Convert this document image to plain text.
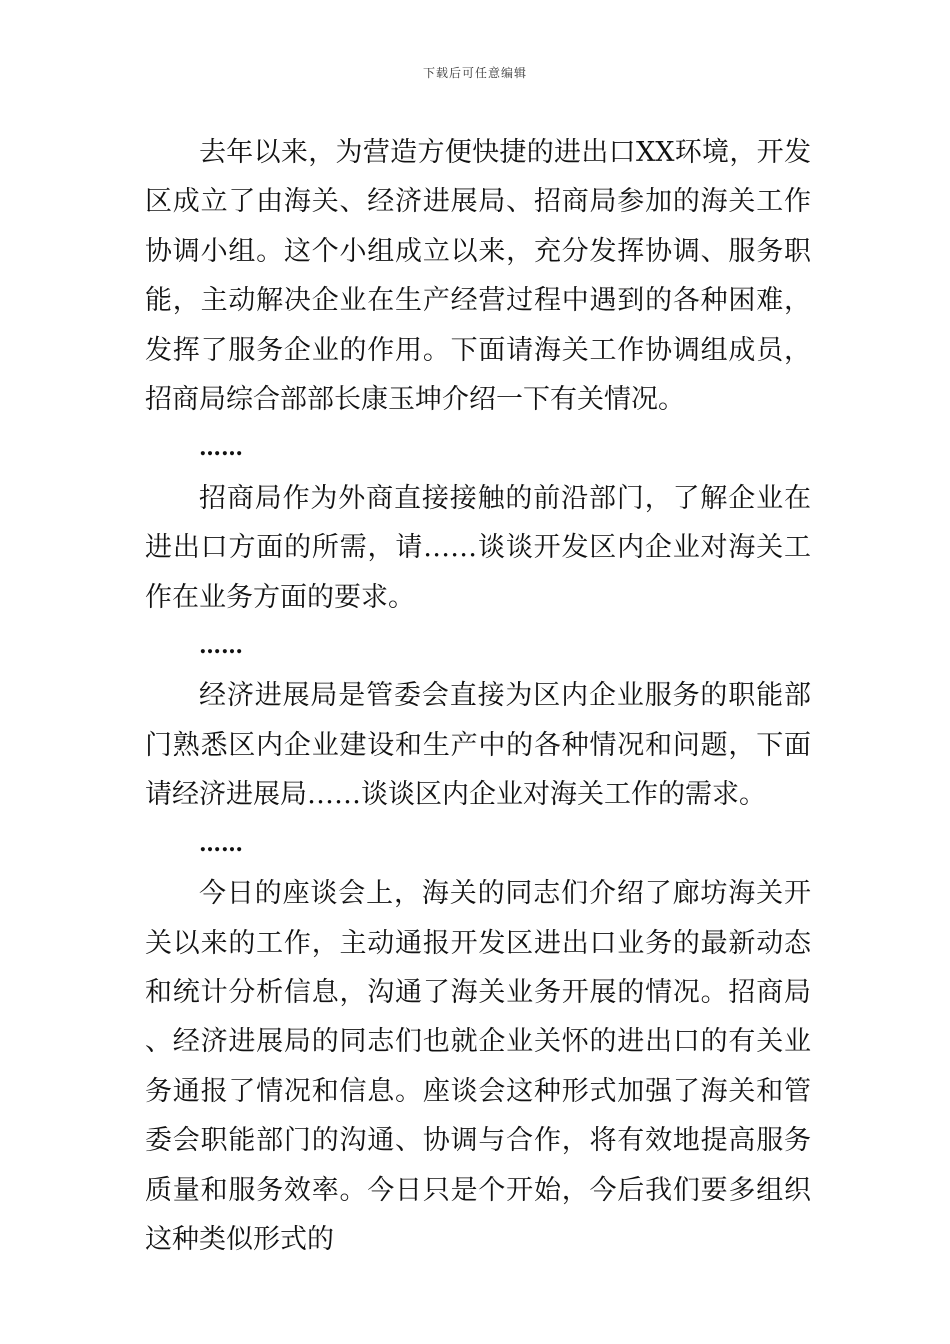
下载后可任意编辑

去年以来，为营造方便快捷的进出口XX环境，开发区成立了由海关、经济进展局、招商局参加的海关工作协调小组。这个小组成立以来，充分发挥协调、服务职能，主动解决企业在生产经营过程中遇到的各种困难，发挥了服务企业的作用。下面请海关工作协调组成员，招商局综合部部长康玉坤介绍一下有关情况。

……

招商局作为外商直接接触的前沿部门，了解企业在进出口方面的所需，请……谈谈开发区内企业对海关工作在业务方面的要求。

……

经济进展局是管委会直接为区内企业服务的职能部门熟悉区内企业建设和生产中的各种情况和问题，下面请经济进展局……谈谈区内企业对海关工作的需求。

……

今日的座谈会上，海关的同志们介绍了廊坊海关开关以来的工作，主动通报开发区进出口业务的最新动态和统计分析信息，沟通了海关业务开展的情况。招商局、经济进展局的同志们也就企业关怀的进出口的有关业务通报了情况和信息。座谈会这种形式加强了海关和管委会职能部门的沟通、协调与合作，将有效地提高服务质量和服务效率。今日只是个开始，今后我们要多组织这种类似形式的
